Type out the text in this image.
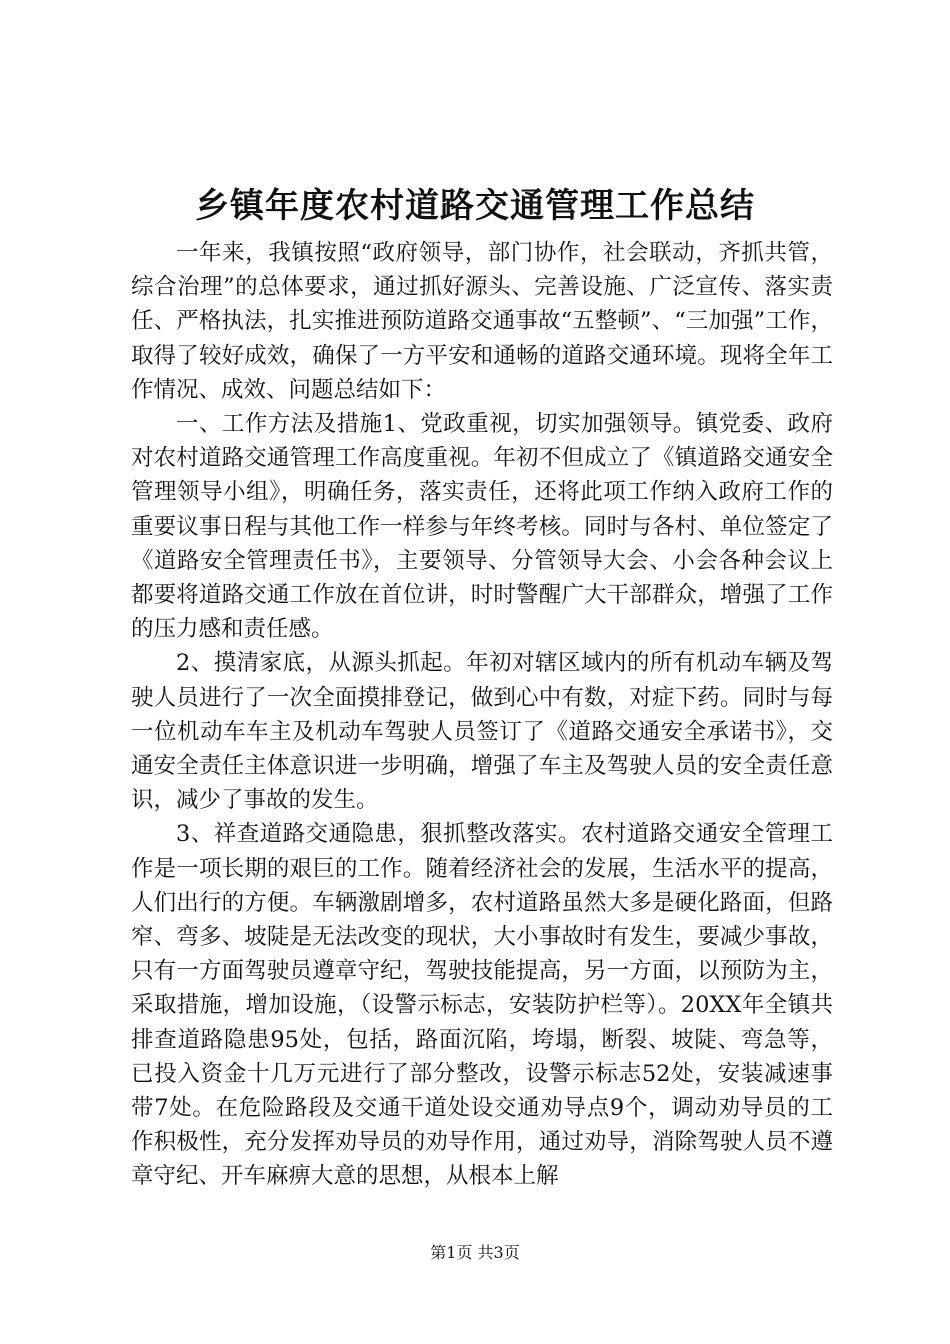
乡镇年度农村道路交通管理工作总结

一年来，我镇按照“政府领导，部门协作，社会联动，齐抓共管，综合治理”的总体要求，通过抓好源头、完善设施、广泛宣传、落实责任、严格执法，扎实推进预防道路交通事故“五整顿”、“三加强”工作，取得了较好成效，确保了一方平安和通畅的道路交通环境。现将全年工作情况、成效、问题总结如下：

一、工作方法及措施1、党政重视，切实加强领导。镇党委、政府对农村道路交通管理工作高度重视。年初不但成立了《镇道路交通安全管理领导小组》，明确任务，落实责任，还将此项工作纳入政府工作的重要议事日程与其他工作一样参与年终考核。同时与各村、单位签定了《道路安全管理责任书》，主要领导、分管领导大会、小会各种会议上都要将道路交通工作放在首位讲，时时警醒广大干部群众，增强了工作的压力感和责任感。

2、摸清家底，从源头抓起。年初对辖区域内的所有机动车辆及驾驶人员进行了一次全面摸排登记，做到心中有数，对症下药。同时与每一位机动车车主及机动车驾驶人员签订了《道路交通安全承诺书》，交通安全责任主体意识进一步明确，增强了车主及驾驶人员的安全责任意识，减少了事故的发生。

3、祥查道路交通隐患，狠抓整改落实。农村道路交通安全管理工作是一项长期的艰巨的工作。随着经济社会的发展，生活水平的提高，人们出行的方便。车辆激剧增多，农村道路虽然大多是硬化路面，但路窄、弯多、坡陡是无法改变的现状，大小事故时有发生，要减少事故，只有一方面驾驶员遵章守纪，驾驶技能提高，另一方面，以预防为主，采取措施，增加设施，（设警示标志，安装防护栏等）。20XX年全镇共排查道路隐患95处，包括，路面沉陷，垮塌，断裂、坡陡、弯急等，已投入资金十几万元进行了部分整改，设警示标志52处，安装减速事带7处。在危险路段及交通干道处设交通劝导点9个，调动劝导员的工作积极性，充分发挥劝导员的劝导作用，通过劝导，消除驾驶人员不遵章守纪、开车麻痹大意的思想，从根本上解

第1页 共3页
